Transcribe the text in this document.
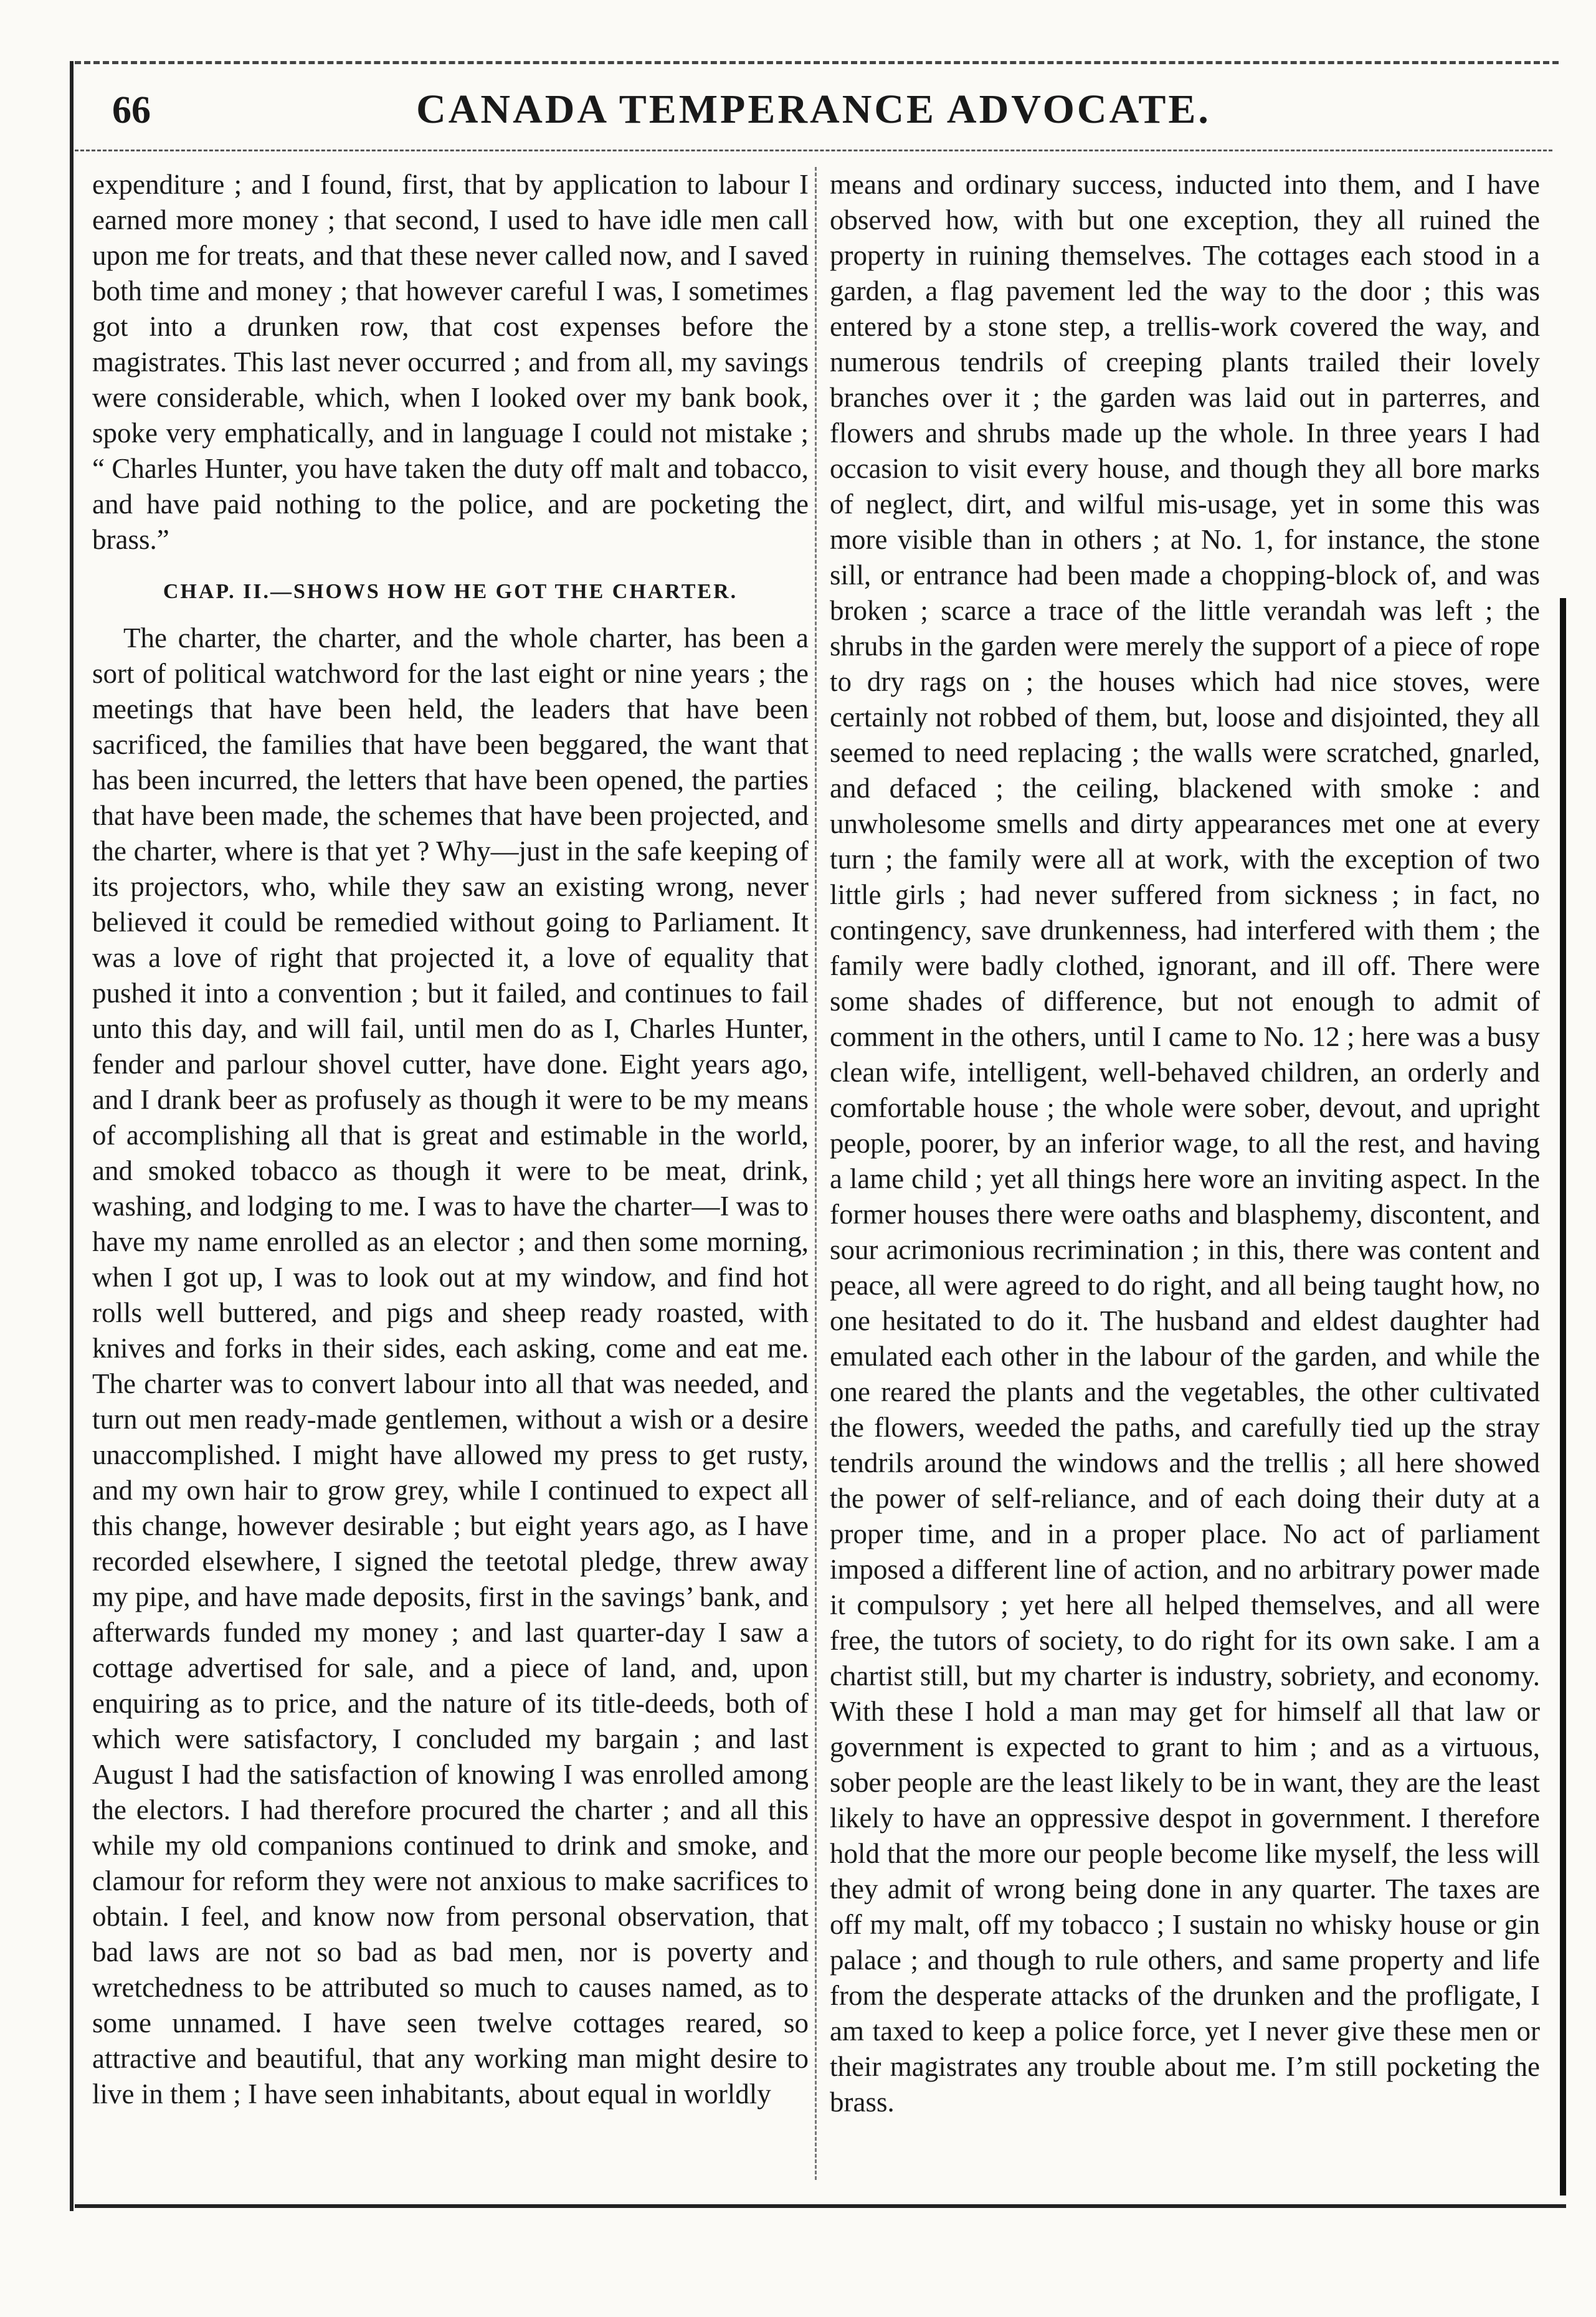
66	CANADA TEMPERANCE ADVOCATE.

expenditure ; and I found, first, that by application to labour I earned more money ; that second, I used to have idle men call upon me for treats, and that these never called now, and I saved both time and money ; that however careful I was, I sometimes got into a drunken row, that cost expenses before the magistrates. This last never occurred ; and from all, my savings were considerable, which, when I looked over my bank book, spoke very emphatically, and in language I could not mistake ; “ Charles Hunter, you have taken the duty off malt and tobacco, and have paid nothing to the police, and are pocketing the brass.”

CHAP. II.—SHOWS HOW HE GOT THE CHARTER.

The charter, the charter, and the whole charter, has been a sort of political watchword for the last eight or nine years ; the meetings that have been held, the leaders that have been sacrificed, the families that have been beggared, the want that has been incurred, the letters that have been opened, the parties that have been made, the schemes that have been projected, and the charter, where is that yet ? Why—just in the safe keeping of its projectors, who, while they saw an existing wrong, never believed it could be remedied without going to Parliament. It was a love of right that projected it, a love of equality that pushed it into a convention ; but it failed, and continues to fail unto this day, and will fail, until men do as I, Charles Hunter, fender and parlour shovel cutter, have done. Eight years ago, and I drank beer as profusely as though it were to be my means of accomplishing all that is great and estimable in the world, and smoked tobacco as though it were to be meat, drink, washing, and lodging to me. I was to have the charter—I was to have my name enrolled as an elector ; and then some morning, when I got up, I was to look out at my window, and find hot rolls well buttered, and pigs and sheep ready roasted, with knives and forks in their sides, each asking, come and eat me. The charter was to convert labour into all that was needed, and turn out men ready-made gentlemen, without a wish or a desire unaccomplished. I might have allowed my press to get rusty, and my own hair to grow grey, while I continued to expect all this change, however desirable ; but eight years ago, as I have recorded elsewhere, I signed the teetotal pledge, threw away my pipe, and have made deposits, first in the savings’ bank, and afterwards funded my money ; and last quarter-day I saw a cottage advertised for sale, and a piece of land, and, upon enquiring as to price, and the nature of its title-deeds, both of which were satisfactory, I concluded my bargain ; and last August I had the satisfaction of knowing I was enrolled among the electors. I had therefore procured the charter ; and all this while my old companions continued to drink and smoke, and clamour for reform they were not anxious to make sacrifices to obtain. I feel, and know now from personal observation, that bad laws are not so bad as bad men, nor is poverty and wretchedness to be attributed so much to causes named, as to some unnamed. I have seen twelve cottages reared, so attractive and beautiful, that any working man might desire to live in them ; I have seen inhabitants, about equal in worldly

means and ordinary success, inducted into them, and I have observed how, with but one exception, they all ruined the property in ruining themselves. The cottages each stood in a garden, a flag pavement led the way to the door ; this was entered by a stone step, a trellis-work covered the way, and numerous tendrils of creeping plants trailed their lovely branches over it ; the garden was laid out in parterres, and flowers and shrubs made up the whole. In three years I had occasion to visit every house, and though they all bore marks of neglect, dirt, and wilful mis-usage, yet in some this was more visible than in others ; at No. 1, for instance, the stone sill, or entrance had been made a chopping-block of, and was broken ; scarce a trace of the little verandah was left ; the shrubs in the garden were merely the support of a piece of rope to dry rags on ; the houses which had nice stoves, were certainly not robbed of them, but, loose and disjointed, they all seemed to need replacing ; the walls were scratched, gnarled, and defaced ; the ceiling, blackened with smoke : and unwholesome smells and dirty appearances met one at every turn ; the family were all at work, with the exception of two little girls ; had never suffered from sickness ; in fact, no contingency, save drunkenness, had interfered with them ; the family were badly clothed, ignorant, and ill off. There were some shades of difference, but not enough to admit of comment in the others, until I came to No. 12 ; here was a busy clean wife, intelligent, well-behaved children, an orderly and comfortable house ; the whole were sober, devout, and upright people, poorer, by an inferior wage, to all the rest, and having a lame child ; yet all things here wore an inviting aspect. In the former houses there were oaths and blasphemy, discontent, and sour acrimonious recrimination ; in this, there was content and peace, all were agreed to do right, and all being taught how, no one hesitated to do it. The husband and eldest daughter had emulated each other in the labour of the garden, and while the one reared the plants and the vegetables, the other cultivated the flowers, weeded the paths, and carefully tied up the stray tendrils around the windows and the trellis ; all here showed the power of self-reliance, and of each doing their duty at a proper time, and in a proper place. No act of parliament imposed a different line of action, and no arbitrary power made it compulsory ; yet here all helped themselves, and all were free, the tutors of society, to do right for its own sake. I am a chartist still, but my charter is industry, sobriety, and economy. With these I hold a man may get for himself all that law or government is expected to grant to him ; and as a virtuous, sober people are the least likely to be in want, they are the least likely to have an oppressive despot in government. I therefore hold that the more our people become like myself, the less will they admit of wrong being done in any quarter. The taxes are off my malt, off my tobacco ; I sustain no whisky house or gin palace ; and though to rule others, and same property and life from the desperate attacks of the drunken and the profligate, I am taxed to keep a police force, yet I never give these men or their magistrates any trouble about me. I’m still pocketing the brass.
